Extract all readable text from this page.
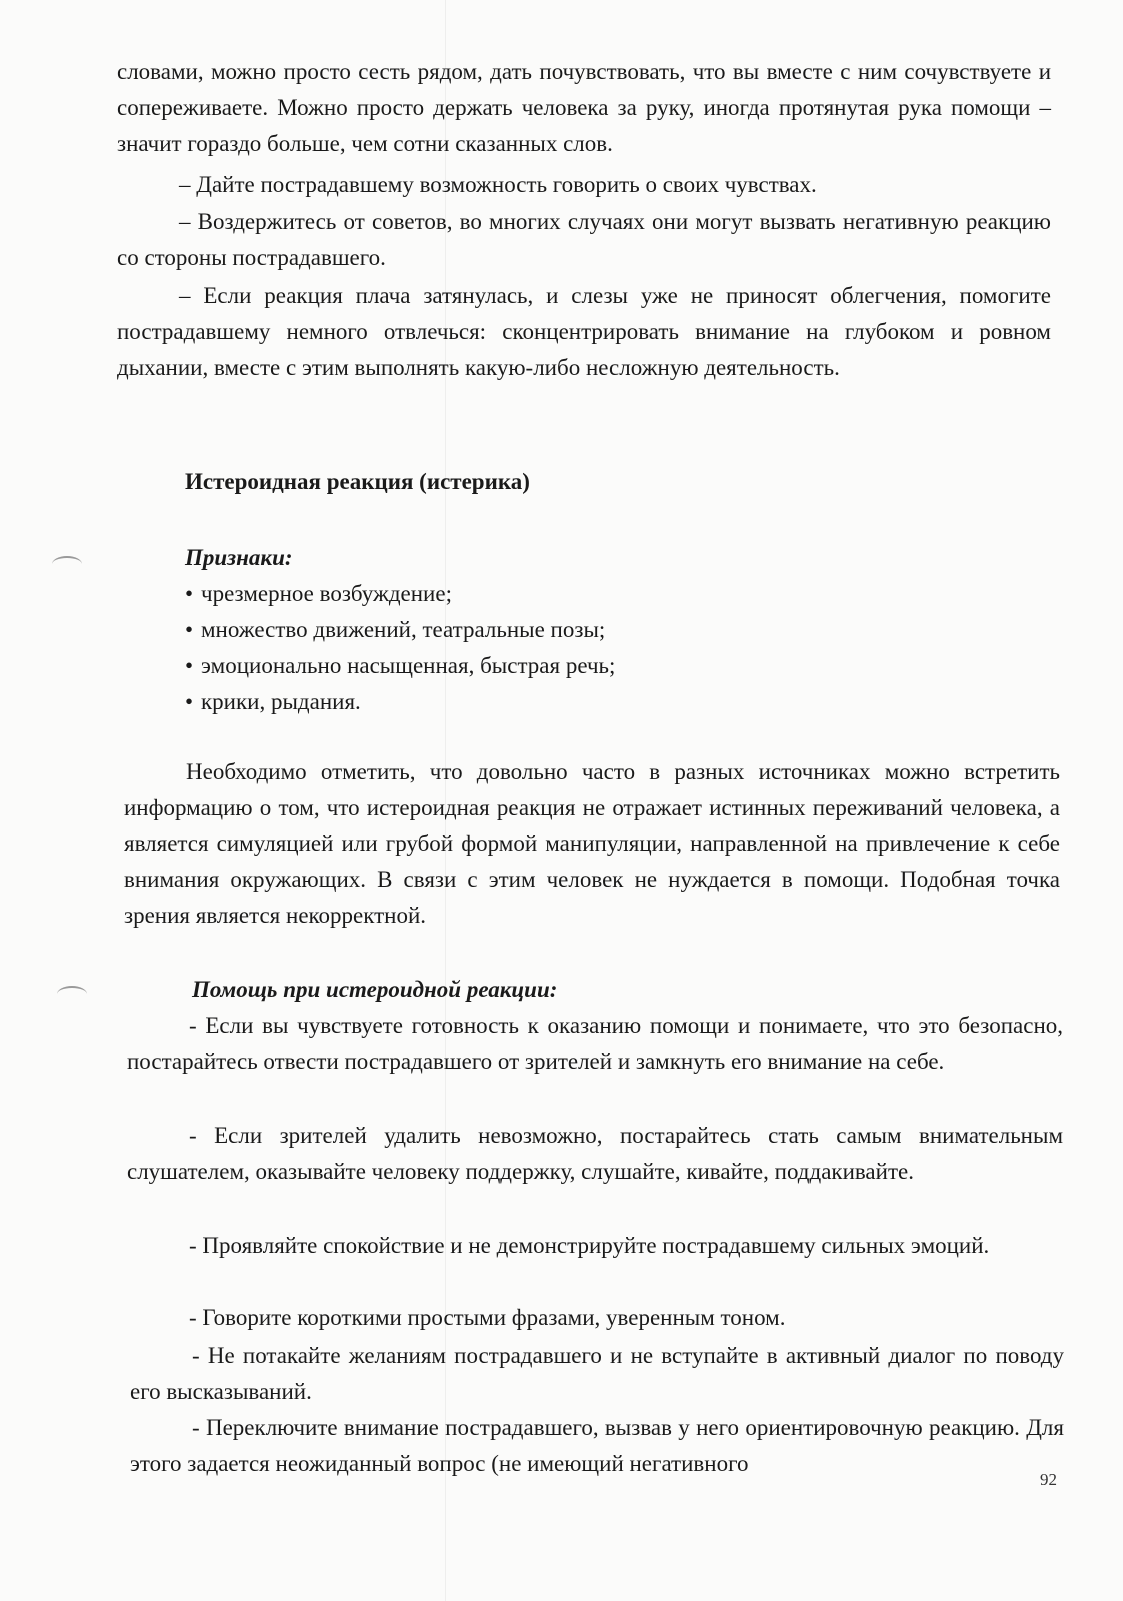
словами, можно просто сесть рядом, дать почувствовать, что вы вместе с ним сочувствуете и сопереживаете. Можно просто держать человека за руку, иногда протянутая рука помощи – значит гораздо больше, чем сотни сказанных слов.

– Дайте пострадавшему возможность говорить о своих чувствах.

– Воздержитесь от советов, во многих случаях они могут вызвать негативную реакцию со стороны пострадавшего.

– Если реакция плача затянулась, и слезы уже не приносят облегчения, помогите пострадавшему немного отвлечься: сконцентрировать внимание на глубоком и ровном дыхании, вместе с этим выполнять какую-либо несложную деятельность.

Истероидная реакция (истерика)
Признаки:
• чрезмерное возбуждение;
• множество движений, театральные позы;
• эмоционально насыщенная, быстрая речь;
• крики, рыдания.

Необходимо отметить, что довольно часто в разных источниках можно встретить информацию о том, что истероидная реакция не отражает истинных переживаний человека, а является симуляцией или грубой формой манипуляции, направленной на привлечение к себе внимания окружающих. В связи с этим человек не нуждается в помощи. Подобная точка зрения является некорректной.

Помощь при истероидной реакции:

- Если вы чувствуете готовность к оказанию помощи и понимаете, что это безопасно, постарайтесь отвести пострадавшего от зрителей и замкнуть его внимание на себе.

- Если зрителей удалить невозможно, постарайтесь стать самым внимательным слушателем, оказывайте человеку поддержку, слушайте, кивайте, поддакивайте.

- Проявляйте спокойствие и не демонстрируйте пострадавшему сильных эмоций.

- Говорите короткими простыми фразами, уверенным тоном.

- Не потакайте желаниям пострадавшего и не вступайте в активный диалог по поводу его высказываний.

- Переключите внимание пострадавшего, вызвав у него ориентировочную реакцию. Для этого задается неожиданный вопрос (не имеющий негативного

92
